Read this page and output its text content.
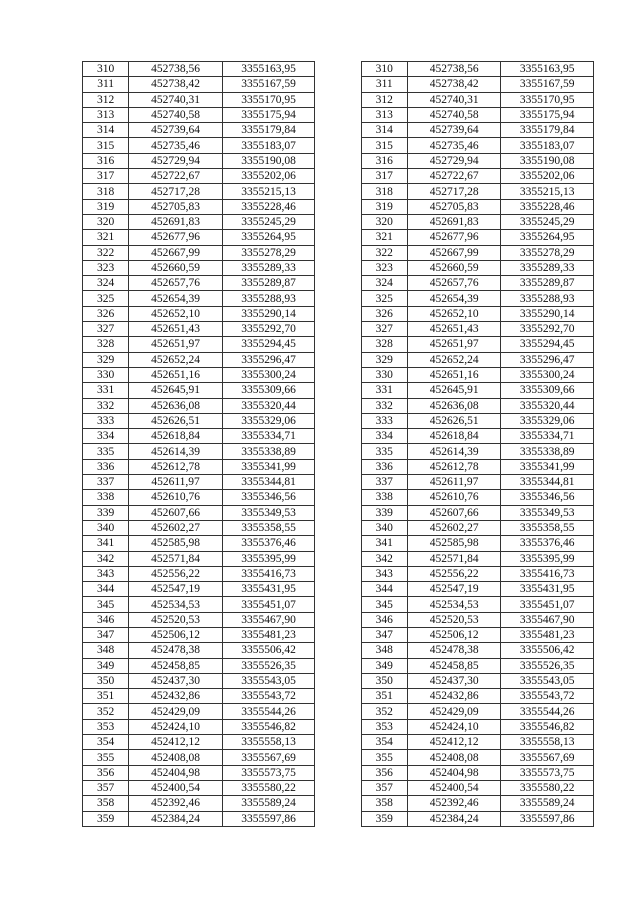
310	452738,56	3355163,95		310	452738,56	3355163,95
311	452738,42	3355167,59		311	452738,42	3355167,59
312	452740,31	3355170,95		312	452740,31	3355170,95
313	452740,58	3355175,94		313	452740,58	3355175,94
314	452739,64	3355179,84		314	452739,64	3355179,84
315	452735,46	3355183,07		315	452735,46	3355183,07
316	452729,94	3355190,08		316	452729,94	3355190,08
317	452722,67	3355202,06		317	452722,67	3355202,06
318	452717,28	3355215,13		318	452717,28	3355215,13
319	452705,83	3355228,46		319	452705,83	3355228,46
320	452691,83	3355245,29		320	452691,83	3355245,29
321	452677,96	3355264,95		321	452677,96	3355264,95
322	452667,99	3355278,29		322	452667,99	3355278,29
323	452660,59	3355289,33		323	452660,59	3355289,33
324	452657,76	3355289,87		324	452657,76	3355289,87
325	452654,39	3355288,93		325	452654,39	3355288,93
326	452652,10	3355290,14		326	452652,10	3355290,14
327	452651,43	3355292,70		327	452651,43	3355292,70
328	452651,97	3355294,45		328	452651,97	3355294,45
329	452652,24	3355296,47		329	452652,24	3355296,47
330	452651,16	3355300,24		330	452651,16	3355300,24
331	452645,91	3355309,66		331	452645,91	3355309,66
332	452636,08	3355320,44		332	452636,08	3355320,44
333	452626,51	3355329,06		333	452626,51	3355329,06
334	452618,84	3355334,71		334	452618,84	3355334,71
335	452614,39	3355338,89		335	452614,39	3355338,89
336	452612,78	3355341,99		336	452612,78	3355341,99
337	452611,97	3355344,81		337	452611,97	3355344,81
338	452610,76	3355346,56		338	452610,76	3355346,56
339	452607,66	3355349,53		339	452607,66	3355349,53
340	452602,27	3355358,55		340	452602,27	3355358,55
341	452585,98	3355376,46		341	452585,98	3355376,46
342	452571,84	3355395,99		342	452571,84	3355395,99
343	452556,22	3355416,73		343	452556,22	3355416,73
344	452547,19	3355431,95		344	452547,19	3355431,95
345	452534,53	3355451,07		345	452534,53	3355451,07
346	452520,53	3355467,90		346	452520,53	3355467,90
347	452506,12	3355481,23		347	452506,12	3355481,23
348	452478,38	3355506,42		348	452478,38	3355506,42
349	452458,85	3355526,35		349	452458,85	3355526,35
350	452437,30	3355543,05		350	452437,30	3355543,05
351	452432,86	3355543,72		351	452432,86	3355543,72
352	452429,09	3355544,26		352	452429,09	3355544,26
353	452424,10	3355546,82		353	452424,10	3355546,82
354	452412,12	3355558,13		354	452412,12	3355558,13
355	452408,08	3355567,69		355	452408,08	3355567,69
356	452404,98	3355573,75		356	452404,98	3355573,75
357	452400,54	3355580,22		357	452400,54	3355580,22
358	452392,46	3355589,24		358	452392,46	3355589,24
359	452384,24	3355597,86		359	452384,24	3355597,86
